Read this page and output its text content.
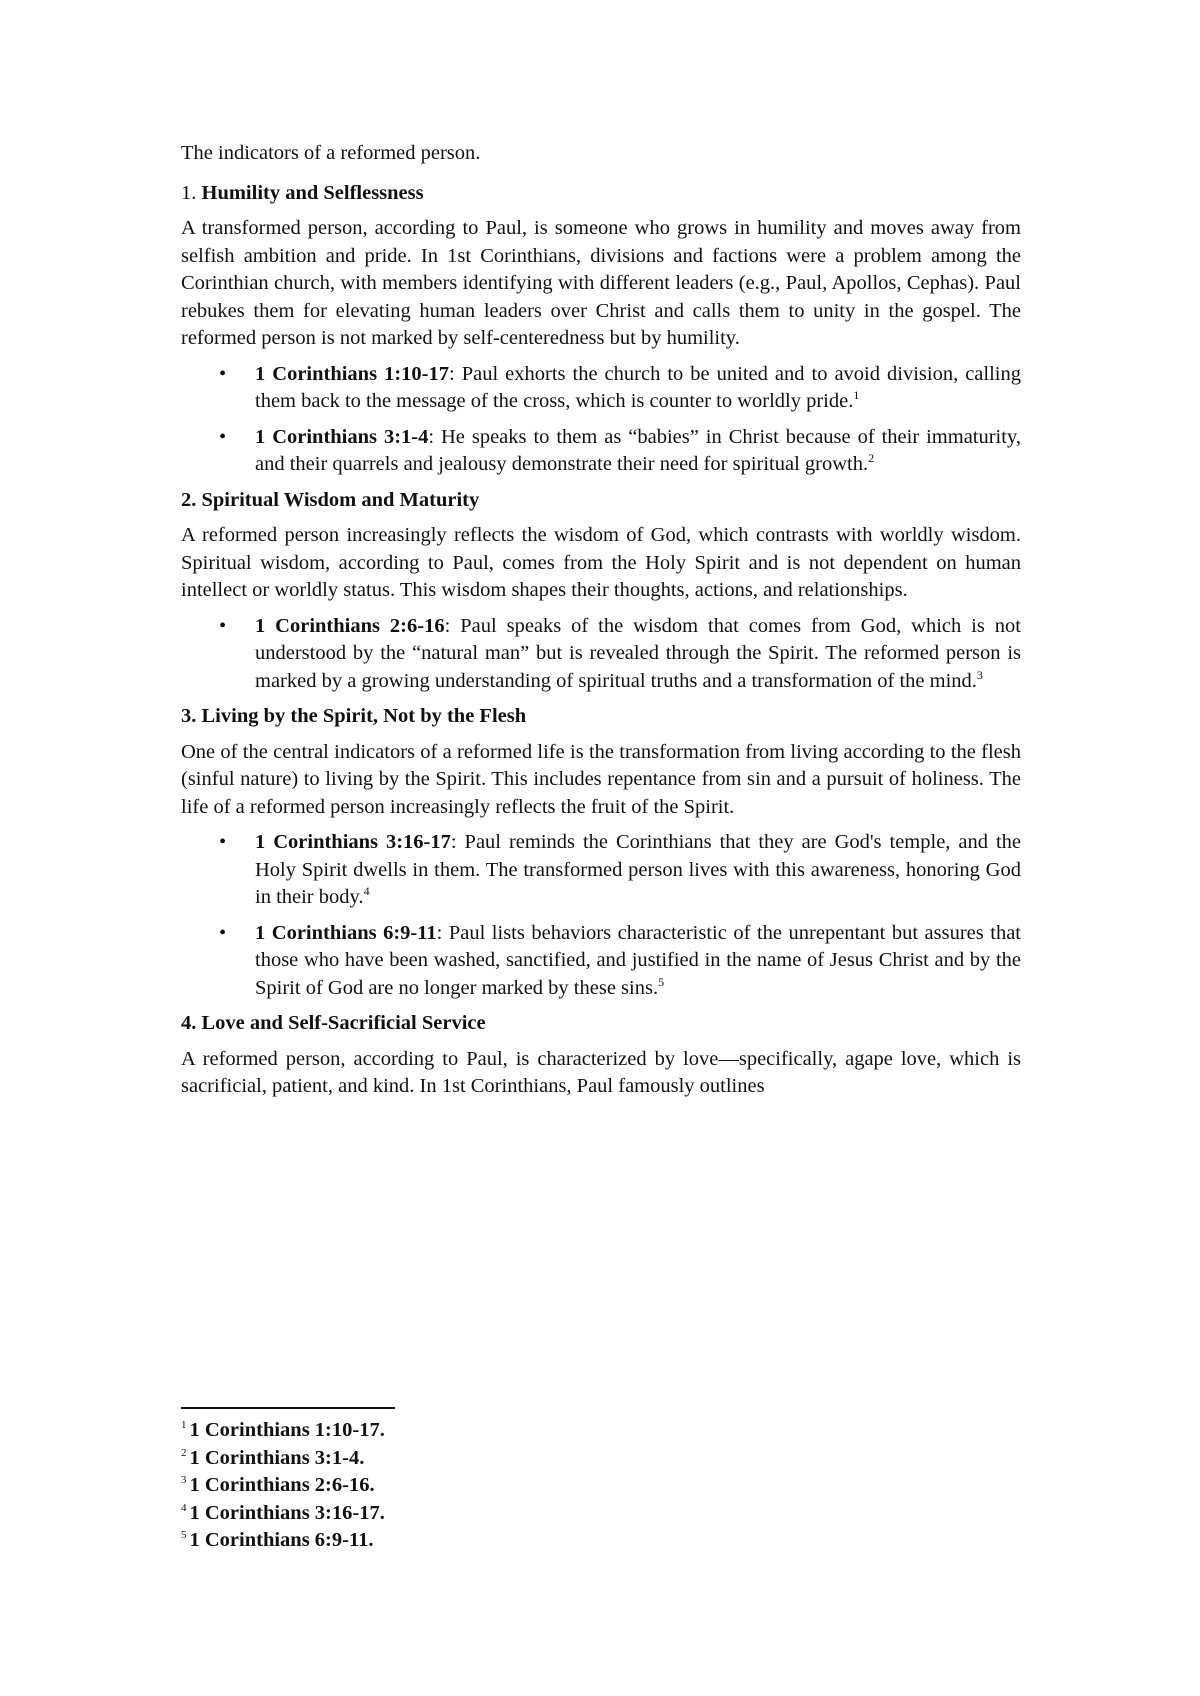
The indicators of a reformed person.

1. Humility and Selflessness

A transformed person, according to Paul, is someone who grows in humility and moves away from selfish ambition and pride. In 1st Corinthians, divisions and factions were a problem among the Corinthian church, with members identifying with different leaders (e.g., Paul, Apollos, Cephas). Paul rebukes them for elevating human leaders over Christ and calls them to unity in the gospel. The reformed person is not marked by self-centeredness but by humility.

• 1 Corinthians 1:10-17: Paul exhorts the church to be united and to avoid division, calling them back to the message of the cross, which is counter to worldly pride.$^1$
• 1 Corinthians 3:1-4: He speaks to them as “babies” in Christ because of their immaturity, and their quarrels and jealousy demonstrate their need for spiritual growth.$^2$

2. Spiritual Wisdom and Maturity

A reformed person increasingly reflects the wisdom of God, which contrasts with worldly wisdom. Spiritual wisdom, according to Paul, comes from the Holy Spirit and is not dependent on human intellect or worldly status. This wisdom shapes their thoughts, actions, and relationships.

• 1 Corinthians 2:6-16: Paul speaks of the wisdom that comes from God, which is not understood by the “natural man” but is revealed through the Spirit. The reformed person is marked by a growing understanding of spiritual truths and a transformation of the mind.$^3$

3. Living by the Spirit, Not by the Flesh

One of the central indicators of a reformed life is the transformation from living according to the flesh (sinful nature) to living by the Spirit. This includes repentance from sin and a pursuit of holiness. The life of a reformed person increasingly reflects the fruit of the Spirit.

• 1 Corinthians 3:16-17: Paul reminds the Corinthians that they are God's temple, and the Holy Spirit dwells in them. The transformed person lives with this awareness, honoring God in their body.$^4$
• 1 Corinthians 6:9-11: Paul lists behaviors characteristic of the unrepentant but assures that those who have been washed, sanctified, and justified in the name of Jesus Christ and by the Spirit of God are no longer marked by these sins.$^5$

4. Love and Self-Sacrificial Service

A reformed person, according to Paul, is characterized by love—specifically, agape love, which is sacrificial, patient, and kind. In 1st Corinthians, Paul famously outlines

$^1$ 1 Corinthians 1:10-17.

$^2$ 1 Corinthians 3:1-4.

$^3$ 1 Corinthians 2:6-16.

$^4$ 1 Corinthians 3:16-17.

$^5$ 1 Corinthians 6:9-11.
